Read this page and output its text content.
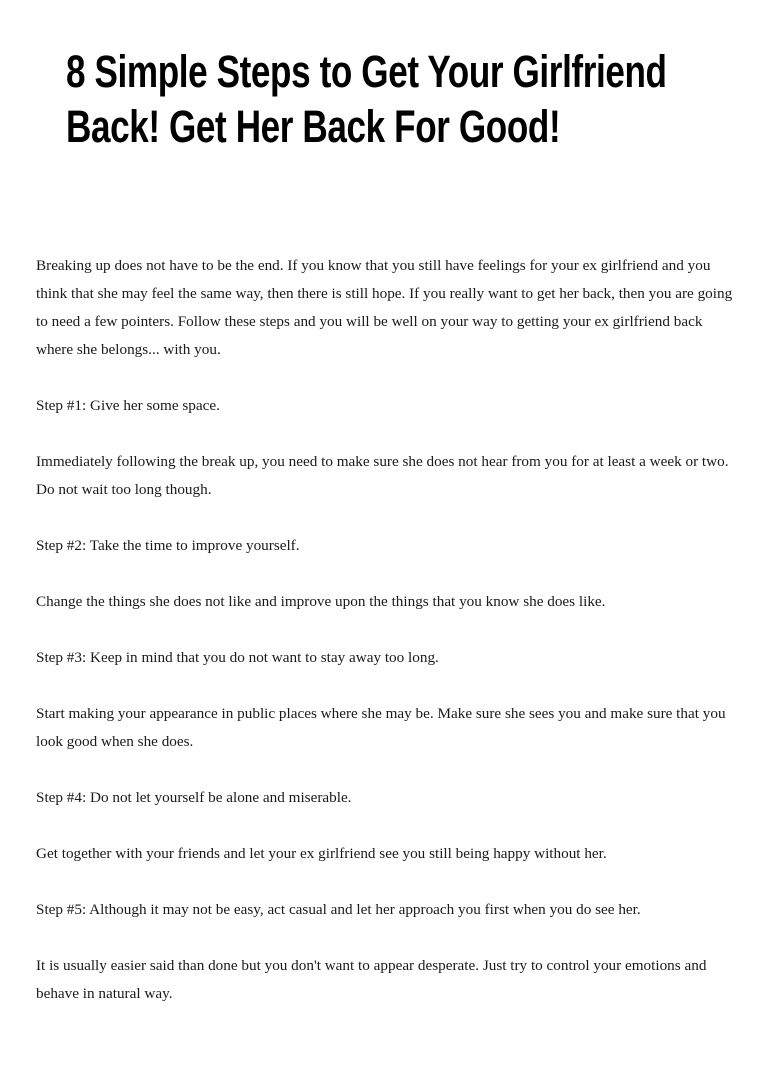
8 Simple Steps to Get Your Girlfriend Back! Get Her Back For Good!

Breaking up does not have to be the end. If you know that you still have feelings for your ex girlfriend and you think that she may feel the same way, then there is still hope. If you really want to get her back, then you are going to need a few pointers. Follow these steps and you will be well on your way to getting your ex girlfriend back where she belongs... with you.

Step #1: Give her some space.

Immediately following the break up, you need to make sure she does not hear from you for at least a week or two. Do not wait too long though.

Step #2: Take the time to improve yourself.

Change the things she does not like and improve upon the things that you know she does like.

Step #3: Keep in mind that you do not want to stay away too long.

Start making your appearance in public places where she may be. Make sure she sees you and make sure that you look good when she does.

Step #4: Do not let yourself be alone and miserable.

Get together with your friends and let your ex girlfriend see you still being happy without her.

Step #5: Although it may not be easy, act casual and let her approach you first when you do see her.

It is usually easier said than done but you don't want to appear desperate. Just try to control your emotions and behave in natural way.
